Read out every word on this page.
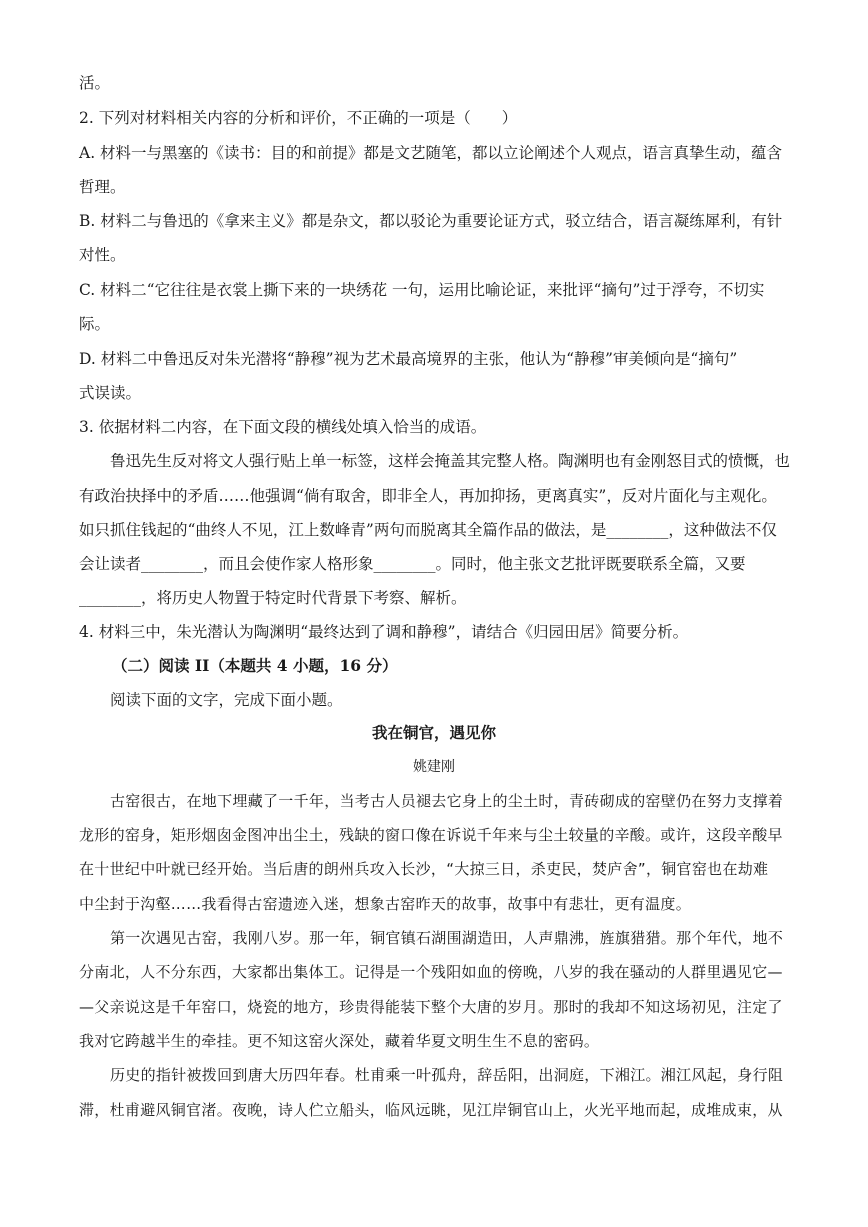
活。
2. 下列对材料相关内容的分析和评价，不正确的一项是（　　）
A. 材料一与黑塞的《读书：目的和前提》都是文艺随笔，都以立论阐述个人观点，语言真挚生动，蕴含
哲理。
B. 材料二与鲁迅的《拿来主义》都是杂文，都以驳论为重要论证方式，驳立结合，语言凝练犀利，有针
对性。
C. 材料二“它往往是衣裳上撕下来的一块绣花 一句，运用比喻论证，来批评“摘句”过于浮夸，不切实
际。
D. 材料二中鲁迅反对朱光潜将“静穆”视为艺术最高境界的主张，他认为“静穆”审美倾向是“摘句”
式误读。
3. 依据材料二内容，在下面文段的横线处填入恰当的成语。
鲁迅先生反对将文人强行贴上单一标签，这样会掩盖其完整人格。陶渊明也有金刚怒目式的愤慨，也
有政治抉择中的矛盾……他强调“倘有取舍，即非全人，再加抑扬，更离真实”，反对片面化与主观化。
如只抓住钱起的“曲终人不见，江上数峰青”两句而脱离其全篇作品的做法，是________，这种做法不仅
会让读者________，而且会使作家人格形象________。同时，他主张文艺批评既要联系全篇，又要
________，将历史人物置于特定时代背景下考察、解析。
4. 材料三中，朱光潜认为陶渊明“最终达到了调和静穆”，请结合《归园田居》简要分析。
（二）阅读 II（本题共 4 小题，16 分）
阅读下面的文字，完成下面小题。
我在铜官，遇见你
姚建刚
古窑很古，在地下埋藏了一千年，当考古人员褪去它身上的尘土时，青砖砌成的窑壁仍在努力支撑着
龙形的窑身，矩形烟囱金图冲出尘土，残缺的窗口像在诉说千年来与尘土较量的辛酸。或许，这段辛酸早
在十世纪中叶就已经开始。当后唐的朗州兵攻入长沙，“大掠三日，杀吏民，焚庐舍”，铜官窑也在劫难
中尘封于沟壑……我看得古窑遗迹入迷，想象古窑昨天的故事，故事中有悲壮，更有温度。
第一次遇见古窑，我刚八岁。那一年，铜官镇石湖围湖造田，人声鼎沸，旌旗猎猎。那个年代，地不
分南北，人不分东西，大家都出集体工。记得是一个残阳如血的傍晚，八岁的我在骚动的人群里遇见它—
—父亲说这是千年窑口，烧瓷的地方，珍贵得能装下整个大唐的岁月。那时的我却不知这场初见，注定了
我对它跨越半生的牵挂。更不知这窑火深处，藏着华夏文明生生不息的密码。
历史的指针被拨回到唐大历四年春。杜甫乘一叶孤舟，辞岳阳，出洞庭，下湘江。湘江风起，身行阻
滞，杜甫避风铜官渚。夜晚，诗人伫立船头，临风远眺，见江岸铜官山上，火光平地而起，成堆成束，从
